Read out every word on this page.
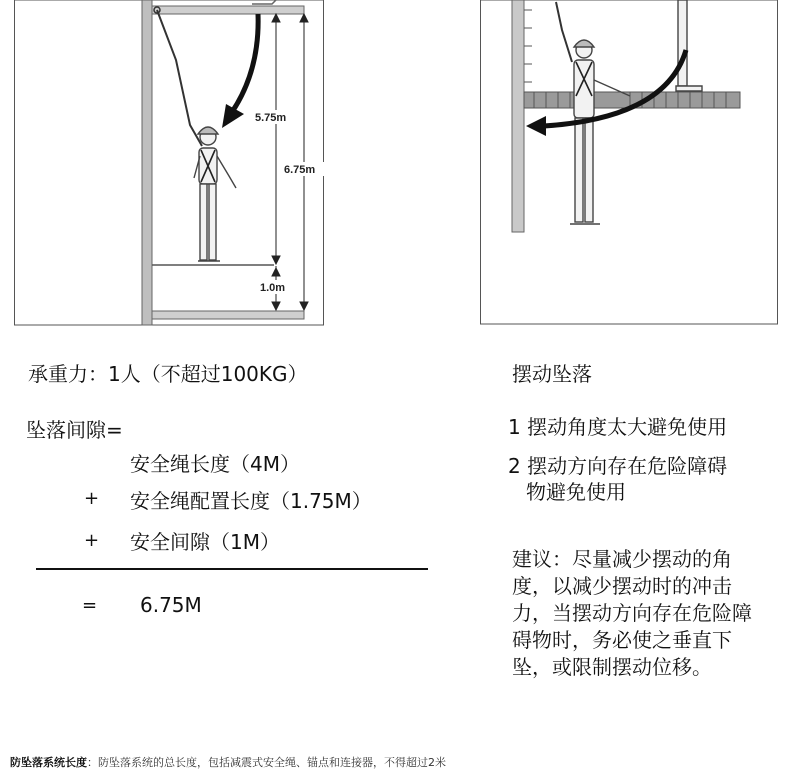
5.75m
6.75m
1.0m
承重力：1人（不超过100KG）
坠落间隙=
安全绳长度（4M）
+ 安全绳配置长度（1.75M）
+ 安全间隙（1M）
= 6.75M
摆动坠落
1 摆动角度太大避免使用
2 摆动方向存在危险障碍
物避免使用
建议：尽量减少摆动的角度，以减少摆动时的冲击力，当摆动方向存在危险障碍物时，务必使之垂直下坠，或限制摆动位移。
防坠落系统长度：防坠落系统的总长度，包括减震式安全绳、锚点和连接器，不得超过2米
